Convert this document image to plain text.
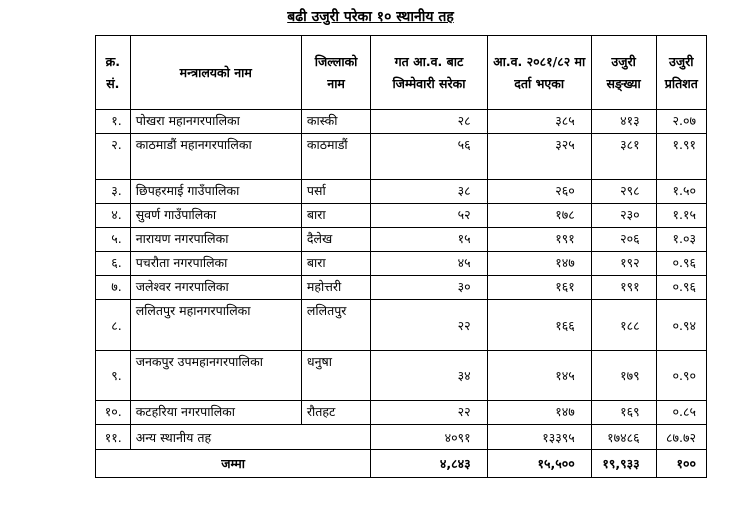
बढी उजुरी परेका १० स्थानीय तह
क्र. सं.	मन्त्रालयको नाम	जिल्लाको नाम	गत आ.व. बाट जिम्मेवारी सरेका	आ.व. २०८१/८२ मा दर्ता भएका	उजुरी सङ्ख्या	उजुरी प्रतिशत
१.	पोखरा महानगरपालिका	कास्की	२८	३८५	४१३	२.०७
२.	काठमाडौं महानगरपालिका	काठमाडौं	५६	३२५	३८१	१.९१
३.	छिपहरमाई गाउँपालिका	पर्सा	३८	२६०	२९८	१.५०
४.	सुवर्ण गाउँपालिका	बारा	५२	१७८	२३०	१.१५
५.	नारायण नगरपालिका	दैलेख	१५	१९१	२०६	१.०३
६.	पचरौता नगरपालिका	बारा	४५	१४७	१९२	०.९६
७.	जलेश्वर नगरपालिका	महोत्तरी	३०	१६१	१९१	०.९६
८.	ललितपुर महानगरपालिका	ललितपुर	२२	१६६	१८८	०.९४
९.	जनकपुर उपमहानगरपालिका	धनुषा	३४	१४५	१७९	०.९०
१०.	कटहरिया नगरपालिका	रौतहट	२२	१४७	१६९	०.८५
११.	अन्य स्थानीय तह		४०९१	१३३९५	१७४८६	८७.७२
जम्मा			४,८४३	१५,५००	१९,९३३	१००
